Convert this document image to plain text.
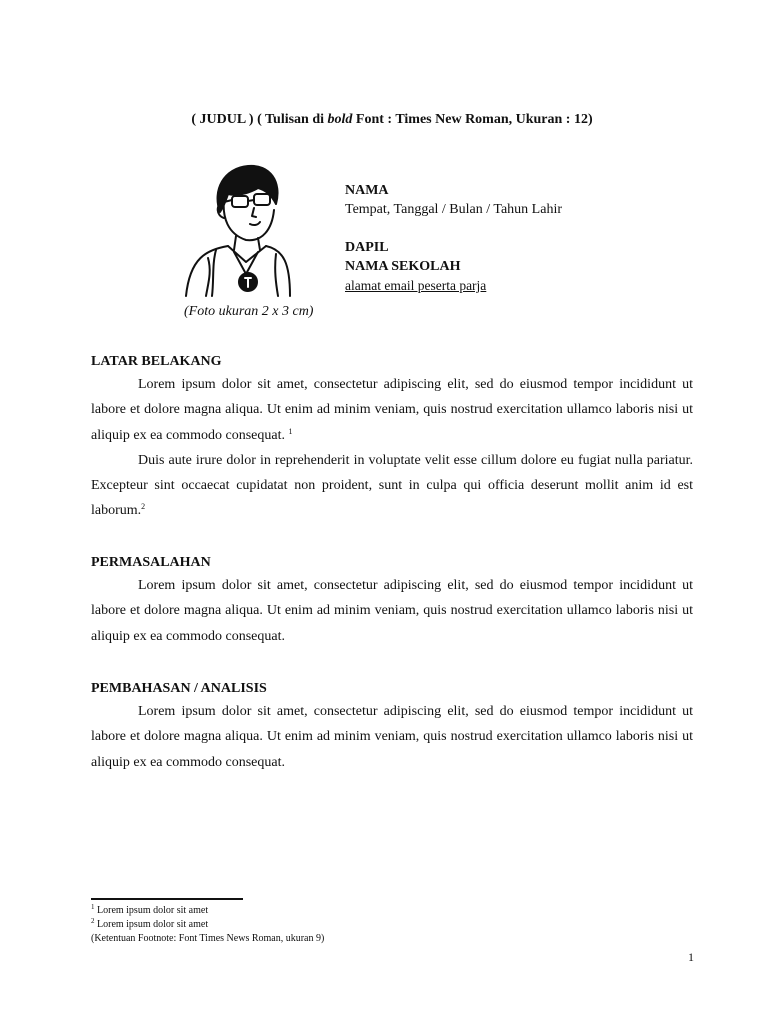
( JUDUL ) ( Tulisan di bold Font : Times New Roman, Ukuran : 12)
(Foto ukuran 2 x 3 cm)
NAMA
Tempat, Tanggal / Bulan / Tahun Lahir
DAPIL
NAMA SEKOLAH
alamat email peserta parja
LATAR BELAKANG

Lorem ipsum dolor sit amet, consectetur adipiscing elit, sed do eiusmod tempor incididunt ut labore et dolore magna aliqua. Ut enim ad minim veniam, quis nostrud exercitation ullamco laboris nisi ut aliquip ex ea commodo consequat. $^1$

Duis aute irure dolor in reprehenderit in voluptate velit esse cillum dolore eu fugiat nulla pariatur. Excepteur sint occaecat cupidatat non proident, sunt in culpa qui officia deserunt mollit anim id est laborum.$^2$

PERMASALAHAN

Lorem ipsum dolor sit amet, consectetur adipiscing elit, sed do eiusmod tempor incididunt ut labore et dolore magna aliqua. Ut enim ad minim veniam, quis nostrud exercitation ullamco laboris nisi ut aliquip ex ea commodo consequat.

PEMBAHASAN / ANALISIS

Lorem ipsum dolor sit amet, consectetur adipiscing elit, sed do eiusmod tempor incididunt ut labore et dolore magna aliqua. Ut enim ad minim veniam, quis nostrud exercitation ullamco laboris nisi ut aliquip ex ea commodo consequat.

$^1$ Lorem ipsum dolor sit amet
$^2$ Lorem ipsum dolor sit amet
(Ketentuan Footnote: Font Times News Roman, ukuran 9)
1
